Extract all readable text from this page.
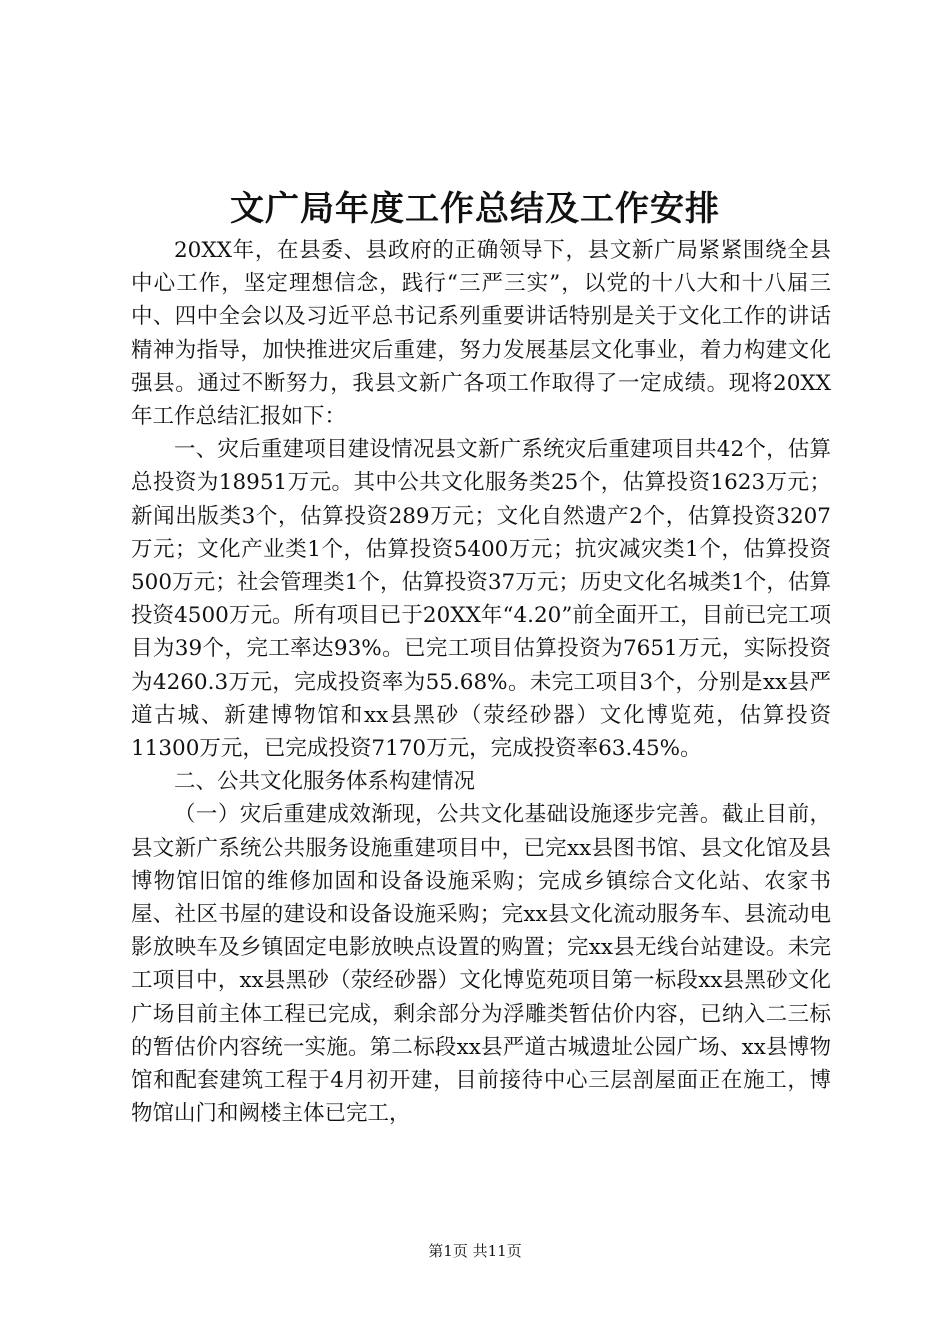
文广局年度工作总结及工作安排

20XX年，在县委、县政府的正确领导下，县文新广局紧紧围绕全县中心工作，坚定理想信念，践行“三严三实”，以党的十八大和十八届三中、四中全会以及习近平总书记系列重要讲话特别是关于文化工作的讲话精神为指导，加快推进灾后重建，努力发展基层文化事业，着力构建文化强县。通过不断努力，我县文新广各项工作取得了一定成绩。现将20XX年工作总结汇报如下：

一、灾后重建项目建设情况县文新广系统灾后重建项目共42个，估算总投资为18951万元。其中公共文化服务类25个，估算投资1623万元；新闻出版类3个，估算投资289万元；文化自然遗产2个，估算投资3207万元；文化产业类1个，估算投资5400万元；抗灾减灾类1个，估算投资500万元；社会管理类1个，估算投资37万元；历史文化名城类1个，估算投资4500万元。所有项目已于20XX年“4.20”前全面开工，目前已完工项目为39个，完工率达93%。已完工项目估算投资为7651万元，实际投资为4260.3万元，完成投资率为55.68%。未完工项目3个，分别是xx县严道古城、新建博物馆和xx县黑砂（荥经砂器）文化博览苑，估算投资11300万元，已完成投资7170万元，完成投资率63.45%。

二、公共文化服务体系构建情况

（一）灾后重建成效渐现，公共文化基础设施逐步完善。截止目前，县文新广系统公共服务设施重建项目中，已完xx县图书馆、县文化馆及县博物馆旧馆的维修加固和设备设施采购；完成乡镇综合文化站、农家书屋、社区书屋的建设和设备设施采购；完xx县文化流动服务车、县流动电影放映车及乡镇固定电影放映点设置的购置；完xx县无线台站建设。未完工项目中，xx县黑砂（荥经砂器）文化博览苑项目第一标段xx县黑砂文化广场目前主体工程已完成，剩余部分为浮雕类暂估价内容，已纳入二三标的暂估价内容统一实施。第二标段xx县严道古城遗址公园广场、xx县博物馆和配套建筑工程于4月初开建，目前接待中心三层剖屋面正在施工，博物馆山门和阙楼主体已完工，

第1页 共11页
